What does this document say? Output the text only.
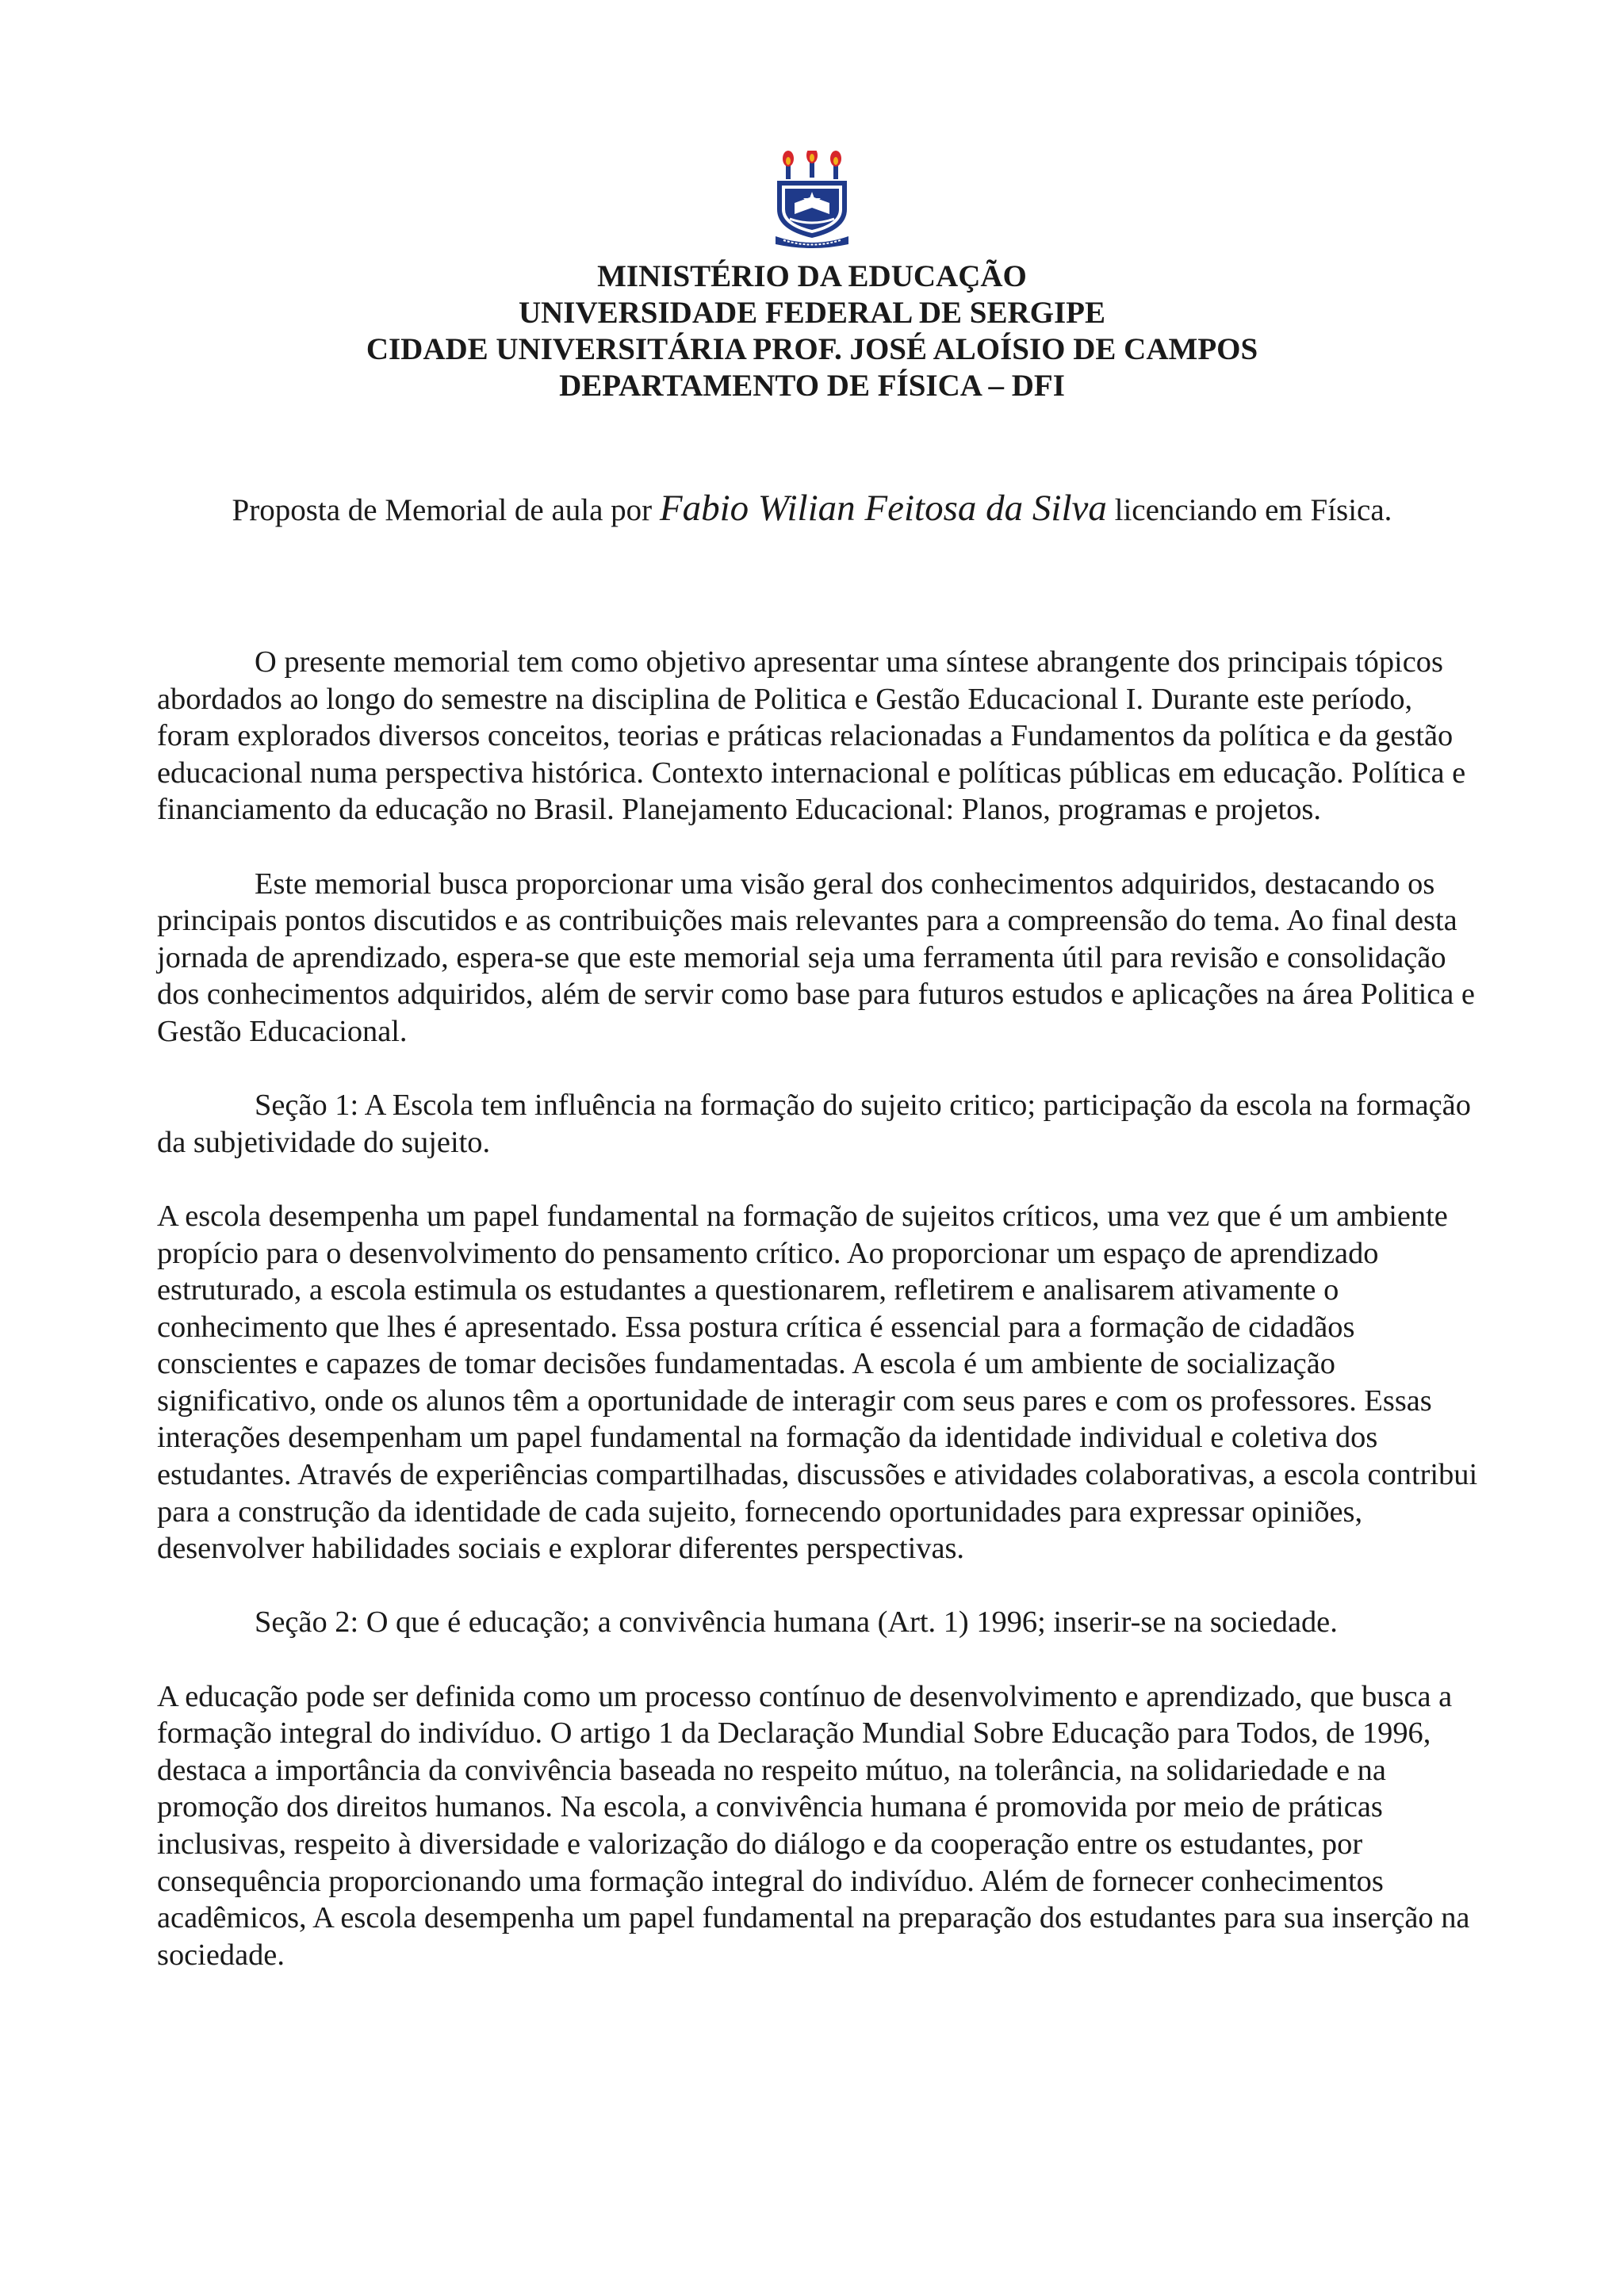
MINISTÉRIO DA EDUCAÇÃO
UNIVERSIDADE FEDERAL DE SERGIPE
CIDADE UNIVERSITÁRIA PROF. JOSÉ ALOÍSIO DE CAMPOS
DEPARTAMENTO DE FÍSICA – DFI
Proposta de Memorial de aula por Fabio Wilian Feitosa da Silva licenciando em Física.

O presente memorial tem como objetivo apresentar uma síntese abrangente dos principais tópicos abordados ao longo do semestre na disciplina de Politica e Gestão Educacional I. Durante este período, foram explorados diversos conceitos, teorias e práticas relacionadas a Fundamentos da política e da gestão educacional numa perspectiva histórica. Contexto internacional e políticas públicas em educação. Política e financiamento da educação no Brasil. Planejamento Educacional: Planos, programas e projetos.

Este memorial busca proporcionar uma visão geral dos conhecimentos adquiridos, destacando os principais pontos discutidos e as contribuições mais relevantes para a compreensão do tema. Ao final desta jornada de aprendizado, espera-se que este memorial seja uma ferramenta útil para revisão e consolidação dos conhecimentos adquiridos, além de servir como base para futuros estudos e aplicações na área Politica e Gestão Educacional.

Seção 1: A Escola tem influência na formação do sujeito critico; participação da escola na formação da subjetividade do sujeito.

A escola desempenha um papel fundamental na formação de sujeitos críticos, uma vez que é um ambiente propício para o desenvolvimento do pensamento crítico. Ao proporcionar um espaço de aprendizado estruturado, a escola estimula os estudantes a questionarem, refletirem e analisarem ativamente o conhecimento que lhes é apresentado. Essa postura crítica é essencial para a formação de cidadãos conscientes e capazes de tomar decisões fundamentadas. A escola é um ambiente de socialização significativo, onde os alunos têm a oportunidade de interagir com seus pares e com os professores. Essas interações desempenham um papel fundamental na formação da identidade individual e coletiva dos estudantes. Através de experiências compartilhadas, discussões e atividades colaborativas, a escola contribui para a construção da identidade de cada sujeito, fornecendo oportunidades para expressar opiniões, desenvolver habilidades sociais e explorar diferentes perspectivas.

Seção 2: O que é educação; a convivência humana (Art. 1) 1996; inserir-se na sociedade.

A educação pode ser definida como um processo contínuo de desenvolvimento e aprendizado, que busca a formação integral do indivíduo. O artigo 1 da Declaração Mundial Sobre Educação para Todos, de 1996, destaca a importância da convivência baseada no respeito mútuo, na tolerância, na solidariedade e na promoção dos direitos humanos. Na escola, a convivência humana é promovida por meio de práticas inclusivas, respeito à diversidade e valorização do diálogo e da cooperação entre os estudantes, por consequência proporcionando uma formação integral do indivíduo. Além de fornecer conhecimentos acadêmicos, A escola desempenha um papel fundamental na preparação dos estudantes para sua inserção na sociedade.
